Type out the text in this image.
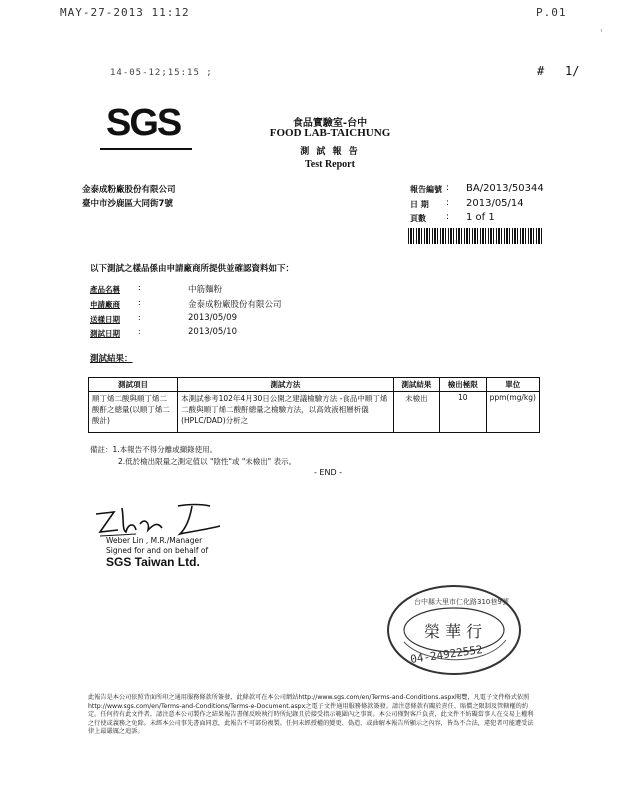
MAY-27-2013 11:12	P.01
14-05-12;15:15 ;	# 1/
SGS	食品實驗室-台中
FOOD LAB-TAICHUNG
測 試 報 告
Test Report
金泰成粉廠股份有限公司
臺中市沙鹿區大同街7號
報告編號 : BA/2013/50344
日 期 : 2013/05/14
頁數 : 1 of 1
以下測試之樣品係由申請廠商所提供並確認資料如下：
產品名稱 :	中筋麵粉
申請廠商 :	金泰成粉廠股份有限公司
送樣日期 :	2013/05/09
測試日期 :	2013/05/10
測試結果：
測試項目	測試方法	測試結果	檢出極限	單位
順丁烯二酸與順丁烯二酸酐之總量(以順丁烯二酸計)	本測試參考102年4月30日公開之建議檢驗方法 -食品中順丁烯二酸與順丁烯二酸酐總量之檢驗方法，以高效液相層析儀(HPLC/DAD)分析之	未檢出	10	ppm(mg/kg)
備註：1.本報告不得分離或擷錄使用。
2.低於檢出限量之測定值以 "陰性"或 "未檢出" 表示。
- END -
Weber Lin , M.R./Manager
Signed for and on behalf of
SGS Taiwan Ltd.
台中縣大里市仁化路310巷9號
榮 華 行
04-24922552
此報告是本公司依照背面所印之通用服務條款所簽發，此條款可在本公司網站http://www.sgs.com/en/Terms-and-Conditions.aspx閱覽，凡電子文件格式依照http://www.sgs.com/en/Terms-and-Conditions/Terms-e-Document.aspx之電子文件通用服務條款簽發。請注意條款有關於責任、賠償之限制及管轄權的約定。任何持有此文件者，請注意本公司製作之結果報告書僅反映執行時所紀錄且於接受指示範圍內之事實。本公司僅對客戶負責，此文件不妨礙當事人在交易上權利之行使或義務之免除。未經本公司事先書面同意，此報告不可部份複製。任何未經授權的變更、偽造、或曲解本報告所顯示之內容，皆為不合法，違犯者可能遭受法律上最嚴厲之追訴。
'
